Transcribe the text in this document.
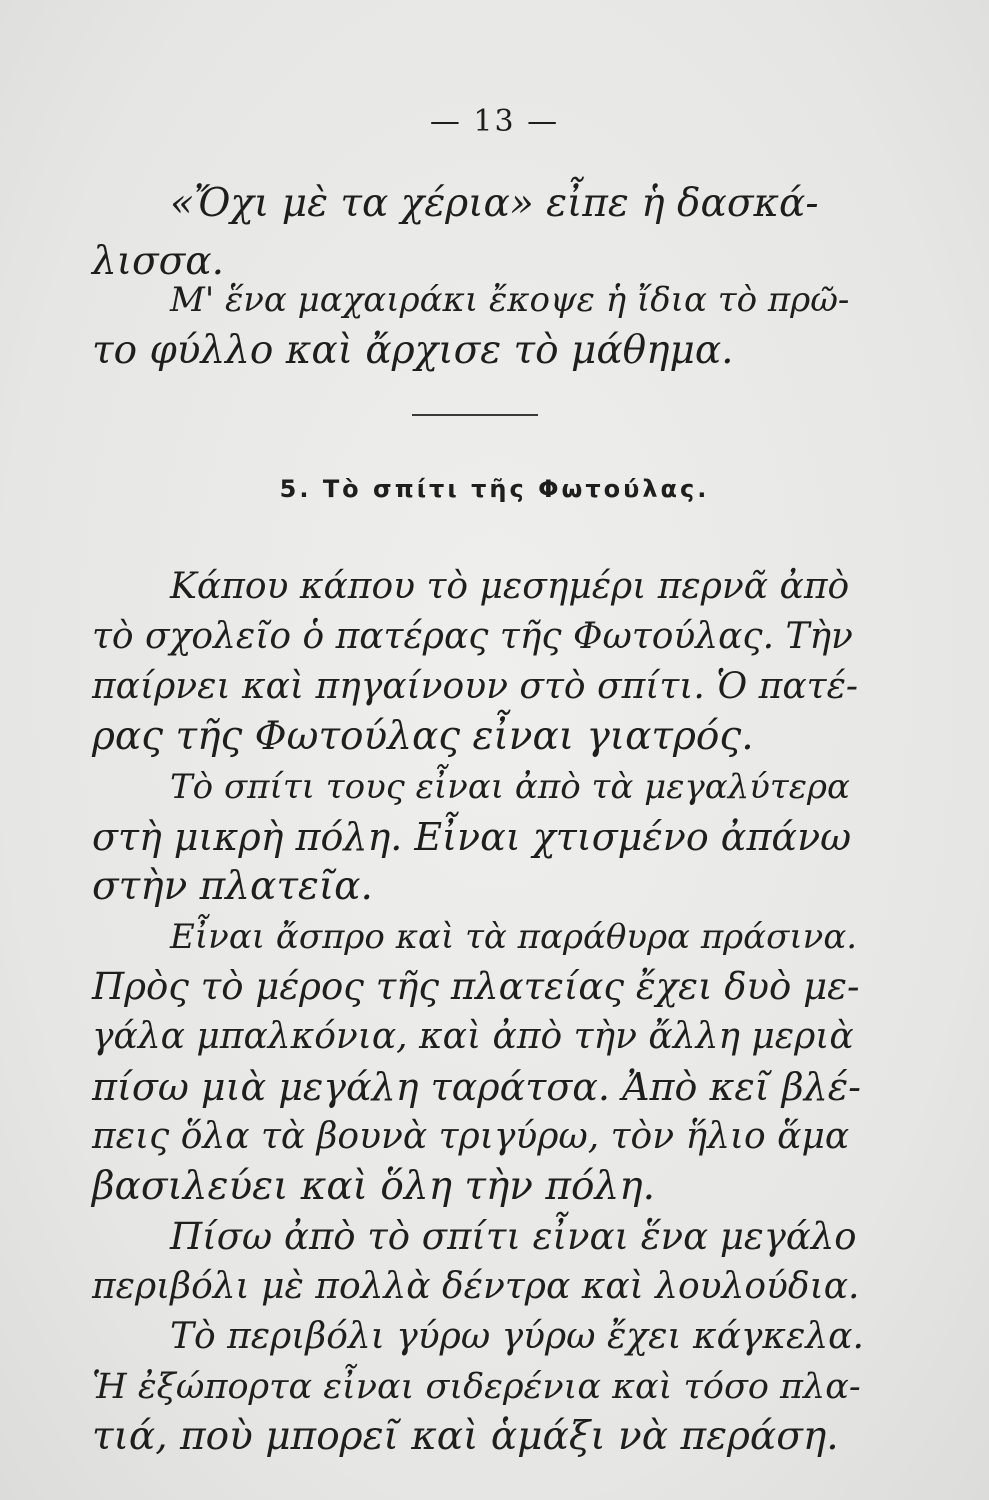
— 13 —
«Ὄχι μὲ τα χέρια» εἶπε ἡ δασκά-
λισσα.
Μ' ἕνα μαχαιράκι ἔκοψε ἡ ἴδια τὸ πρῶ-
το φύλλο καὶ ἄρχισε τὸ μάθημα.
5. Τὸ σπίτι τῆς Φωτούλας.
Κάπου κάπου τὸ μεσημέρι περνᾶ ἀπὸ
τὸ σχολεῖο ὁ πατέρας τῆς Φωτούλας. Τὴν
παίρνει καὶ πηγαίνουν στὸ σπίτι. Ὁ πατέ-
ρας τῆς Φωτούλας εἶναι γιατρός.
Τὸ σπίτι τους εἶναι ἀπὸ τὰ μεγαλύτερα
στὴ μικρὴ πόλη. Εἶναι χτισμένο ἀπάνω
στὴν πλατεῖα.
Εἶναι ἄσπρο καὶ τὰ παράθυρα πράσινα.
Πρὸς τὸ μέρος τῆς πλατείας ἔχει δυὸ με-
γάλα μπαλκόνια, καὶ ἀπὸ τὴν ἄλλη μεριὰ
πίσω μιὰ μεγάλη ταράτσα. Ἀπὸ κεῖ βλέ-
πεις ὅλα τὰ βουνὰ τριγύρω, τὸν ἥλιο ἅμα
βασιλεύει καὶ ὅλη τὴν πόλη.
Πίσω ἀπὸ τὸ σπίτι εἶναι ἕνα μεγάλο
περιβόλι μὲ πολλὰ δέντρα καὶ λουλούδια.
Τὸ περιβόλι γύρω γύρω ἔχει κάγκελα.
Ἡ ἐξώπορτα εἶναι σιδερένια καὶ τόσο πλα-
τιά, ποὺ μπορεῖ καὶ ἁμάξι νὰ περάση.
